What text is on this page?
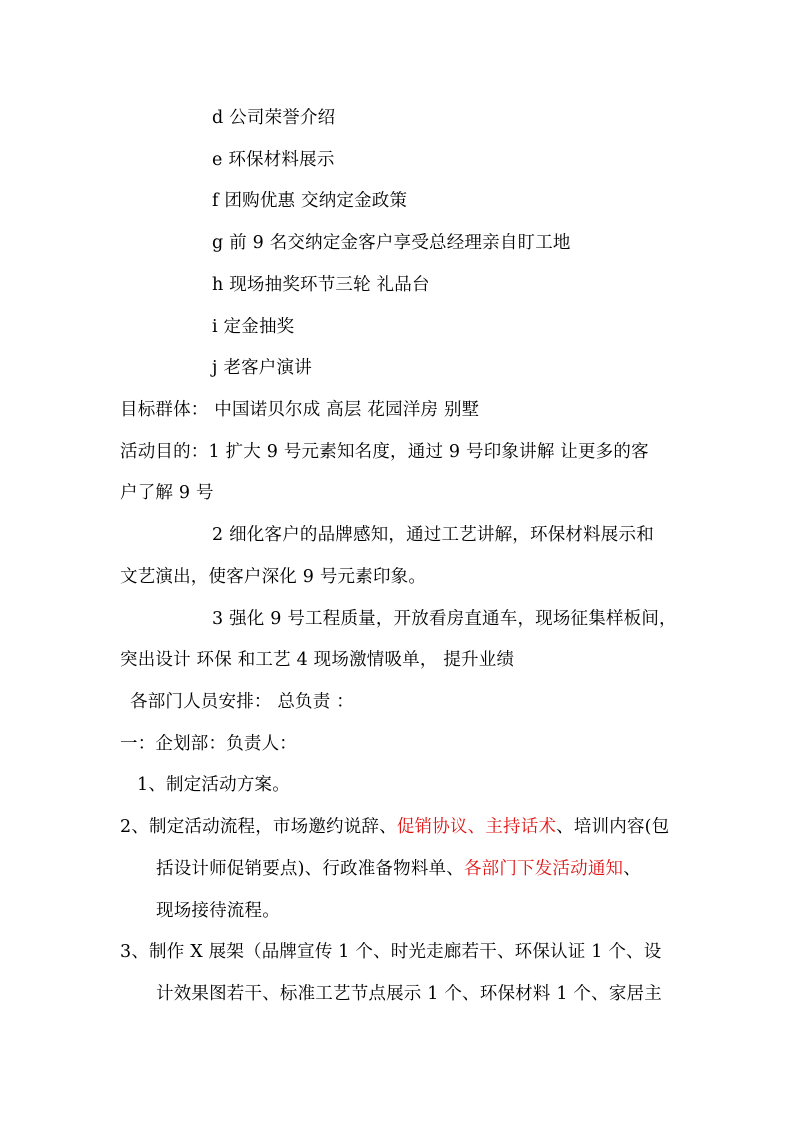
d 公司荣誉介绍
e 环保材料展示
f 团购优惠 交纳定金政策
g 前 9 名交纳定金客户享受总经理亲自盯工地
h 现场抽奖环节三轮 礼品台
i 定金抽奖
j 老客户演讲
目标群体： 中国诺贝尔成 高层 花园洋房 别墅
活动目的：1 扩大 9 号元素知名度，通过 9 号印象讲解 让更多的客
户了解 9 号
2 细化客户的品牌感知，通过工艺讲解，环保材料展示和
文艺演出，使客户深化 9 号元素印象。
3 强化 9 号工程质量，开放看房直通车，现场征集样板间，
突出设计 环保 和工艺 4 现场激情吸单， 提升业绩
各部门人员安排： 总负责 ：
一：企划部：负责人：
1、制定活动方案。
2、制定活动流程，市场邀约说辞、促销协议、主持话术、培训内容(包
括设计师促销要点)、行政准备物料单、各部门下发活动通知、
现场接待流程。
3、制作 X 展架（品牌宣传 1 个、时光走廊若干、环保认证 1 个、设
计效果图若干、标准工艺节点展示 1 个、环保材料 1 个、家居主
